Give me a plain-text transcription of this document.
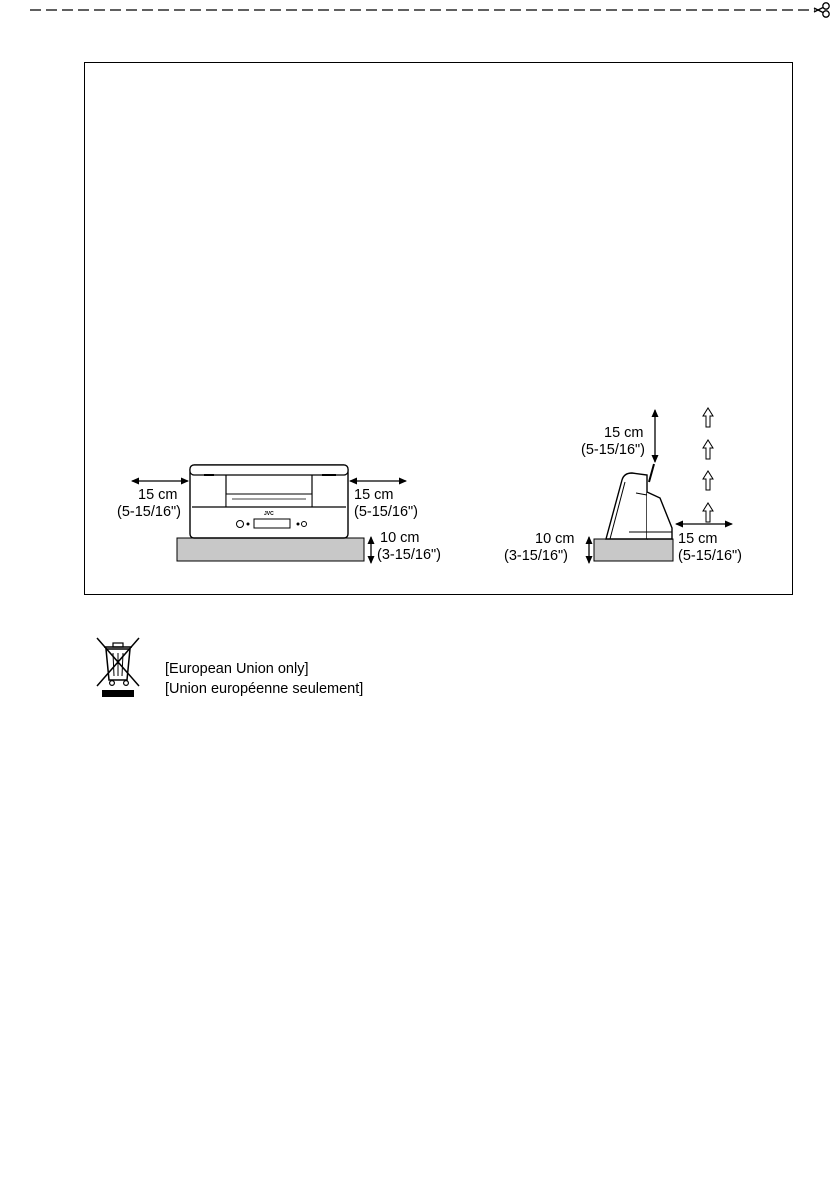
JVC
15 cm
(5-15/16")
15 cm
(5-15/16")
10 cm
(3-15/16")
15 cm
(5-15/16")
10 cm
(3-15/16")
15 cm
(5-15/16")
[European Union only]
[Union européenne seulement]
